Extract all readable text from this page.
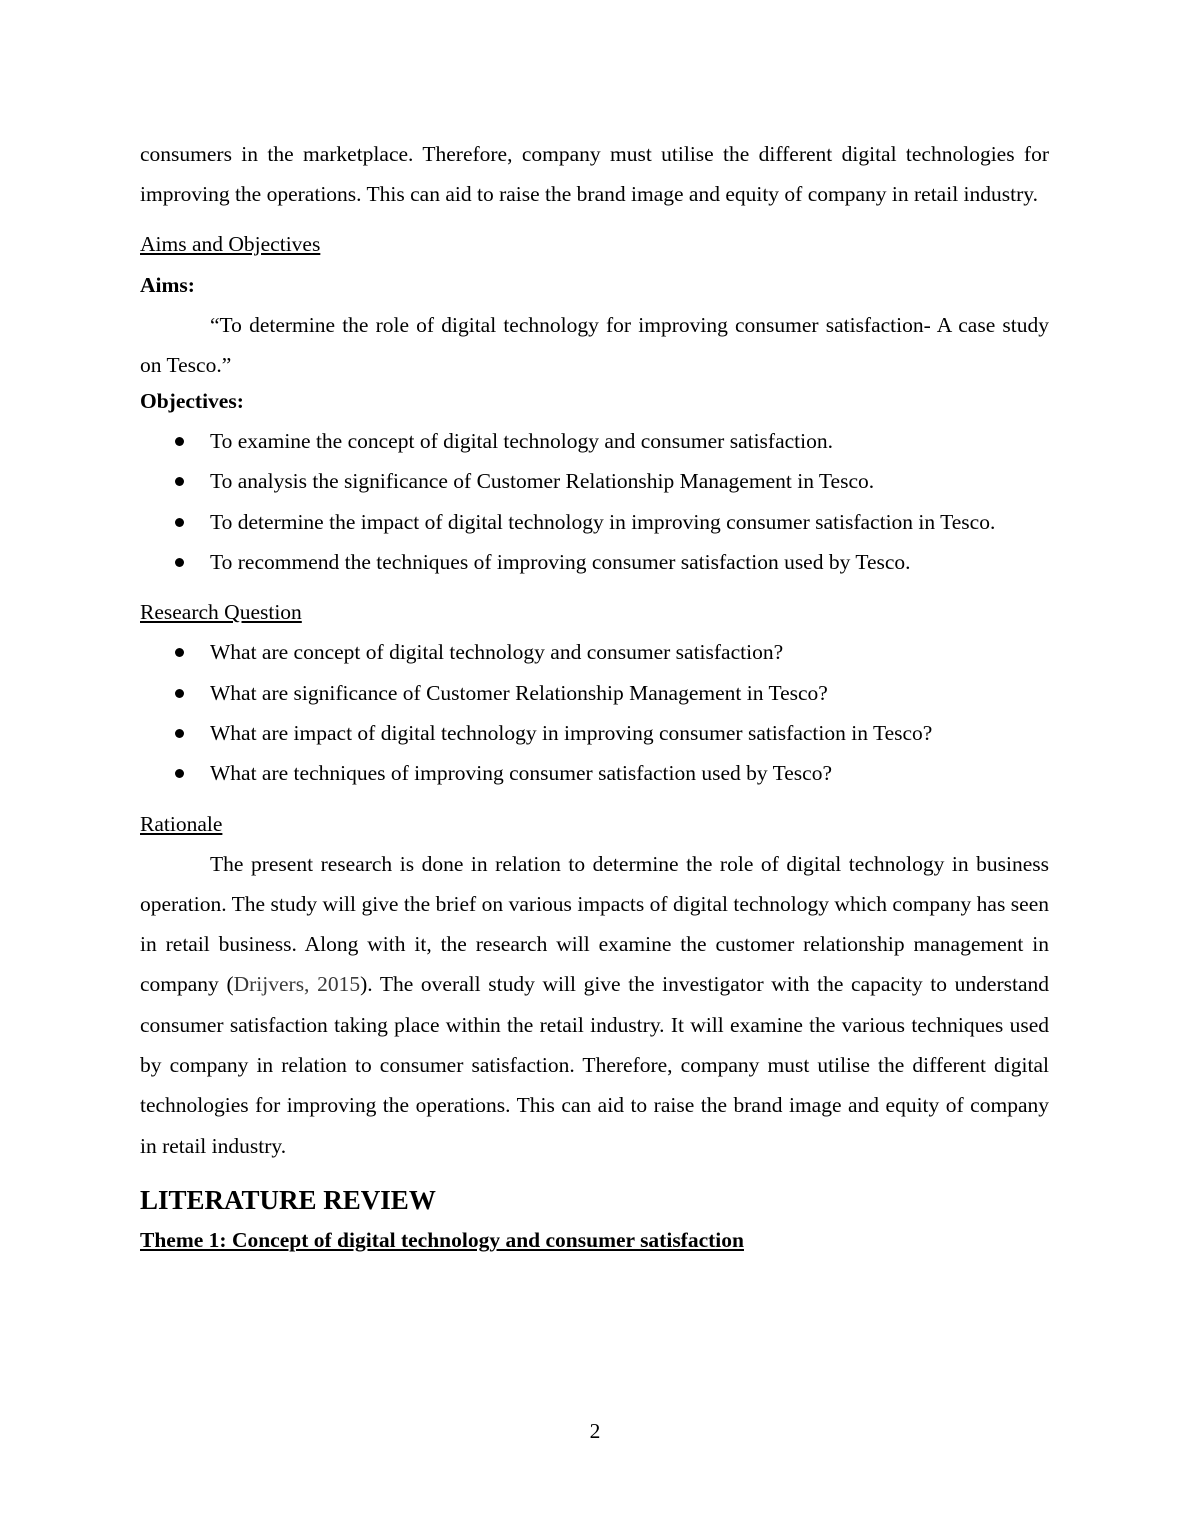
consumers in the marketplace. Therefore, company must utilise the different digital technologies for improving the operations. This can aid to raise the brand image and equity of company in retail industry.

Aims and Objectives

Aims:

“To determine the role of digital technology for improving consumer satisfaction- A case study on Tesco.”

Objectives:

To examine the concept of digital technology and consumer satisfaction.
To analysis the significance of Customer Relationship Management in Tesco.
To determine the impact of digital technology in improving consumer satisfaction in Tesco.
To recommend the techniques of improving consumer satisfaction used by Tesco.

Research Question

What are concept of digital technology and consumer satisfaction?
What are significance of Customer Relationship Management in Tesco?
What are impact of digital technology in improving consumer satisfaction in Tesco?
What are techniques of improving consumer satisfaction used by Tesco?

Rationale

The present research is done in relation to determine the role of digital technology in business operation. The study will give the brief on various impacts of digital technology which company has seen in retail business. Along with it, the research will examine the customer relationship management in company (Drijvers, 2015). The overall study will give the investigator with the capacity to understand consumer satisfaction taking place within the retail industry. It will examine the various techniques used by company in relation to consumer satisfaction. Therefore, company must utilise the different digital technologies for improving the operations. This can aid to raise the brand image and equity of company in retail industry.

LITERATURE REVIEW

Theme 1: Concept of digital technology and consumer satisfaction

2
